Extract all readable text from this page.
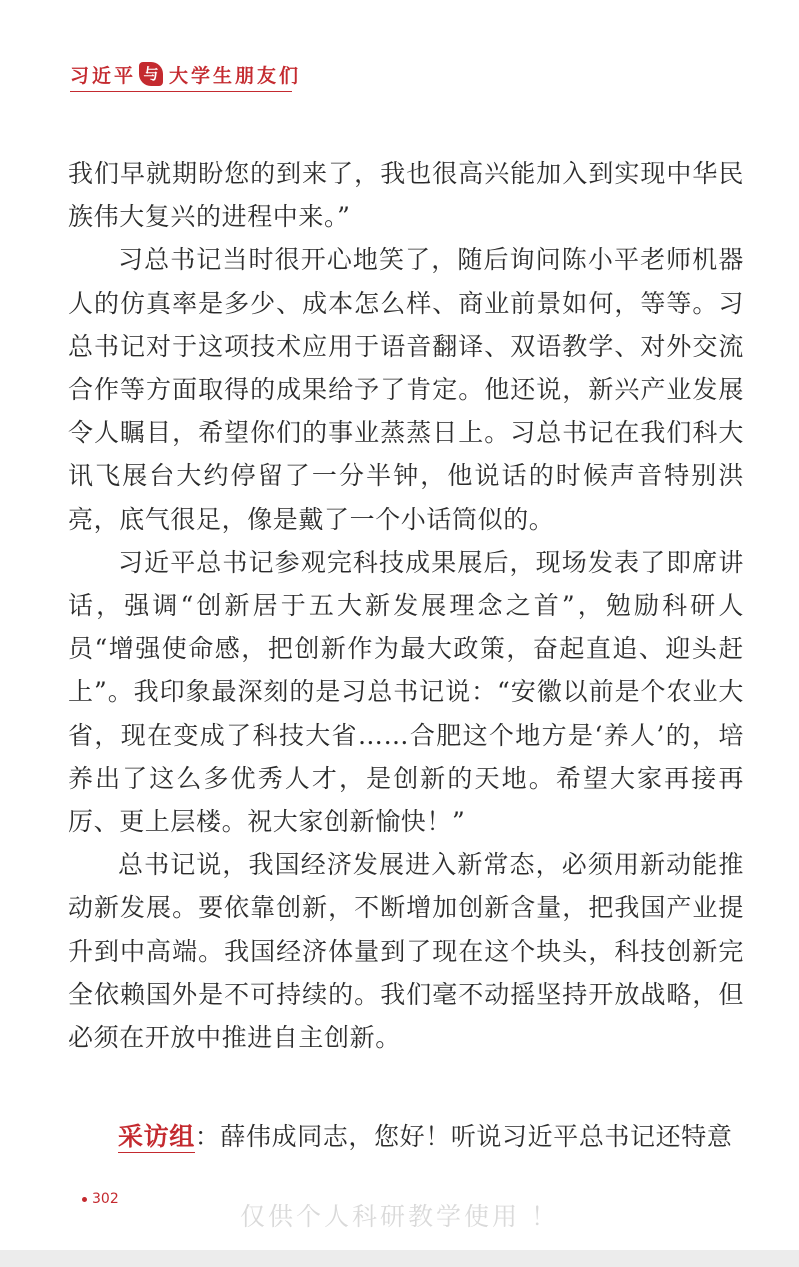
习近平 与 大学生朋友们

我们早就期盼您的到来了，我也很高兴能加入到实现中华民族伟大复兴的进程中来。”

习总书记当时很开心地笑了，随后询问陈小平老师机器人的仿真率是多少、成本怎么样、商业前景如何，等等。习总书记对于这项技术应用于语音翻译、双语教学、对外交流合作等方面取得的成果给予了肯定。他还说，新兴产业发展令人瞩目，希望你们的事业蒸蒸日上。习总书记在我们科大讯飞展台大约停留了一分半钟，他说话的时候声音特别洪亮，底气很足，像是戴了一个小话筒似的。

习近平总书记参观完科技成果展后，现场发表了即席讲话，强调“创新居于五大新发展理念之首”，勉励科研人员“增强使命感，把创新作为最大政策，奋起直追、迎头赶上”。我印象最深刻的是习总书记说：“安徽以前是个农业大省，现在变成了科技大省……合肥这个地方是‘养人’的，培养出了这么多优秀人才，是创新的天地。希望大家再接再厉、更上层楼。祝大家创新愉快！”

总书记说，我国经济发展进入新常态，必须用新动能推动新发展。要依靠创新，不断增加创新含量，把我国产业提升到中高端。我国经济体量到了现在这个块头，科技创新完全依赖国外是不可持续的。我们毫不动摇坚持开放战略，但必须在开放中推进自主创新。

采访组：薛伟成同志，您好！听说习近平总书记还特意
302
仅供个人科研教学使用 ！
